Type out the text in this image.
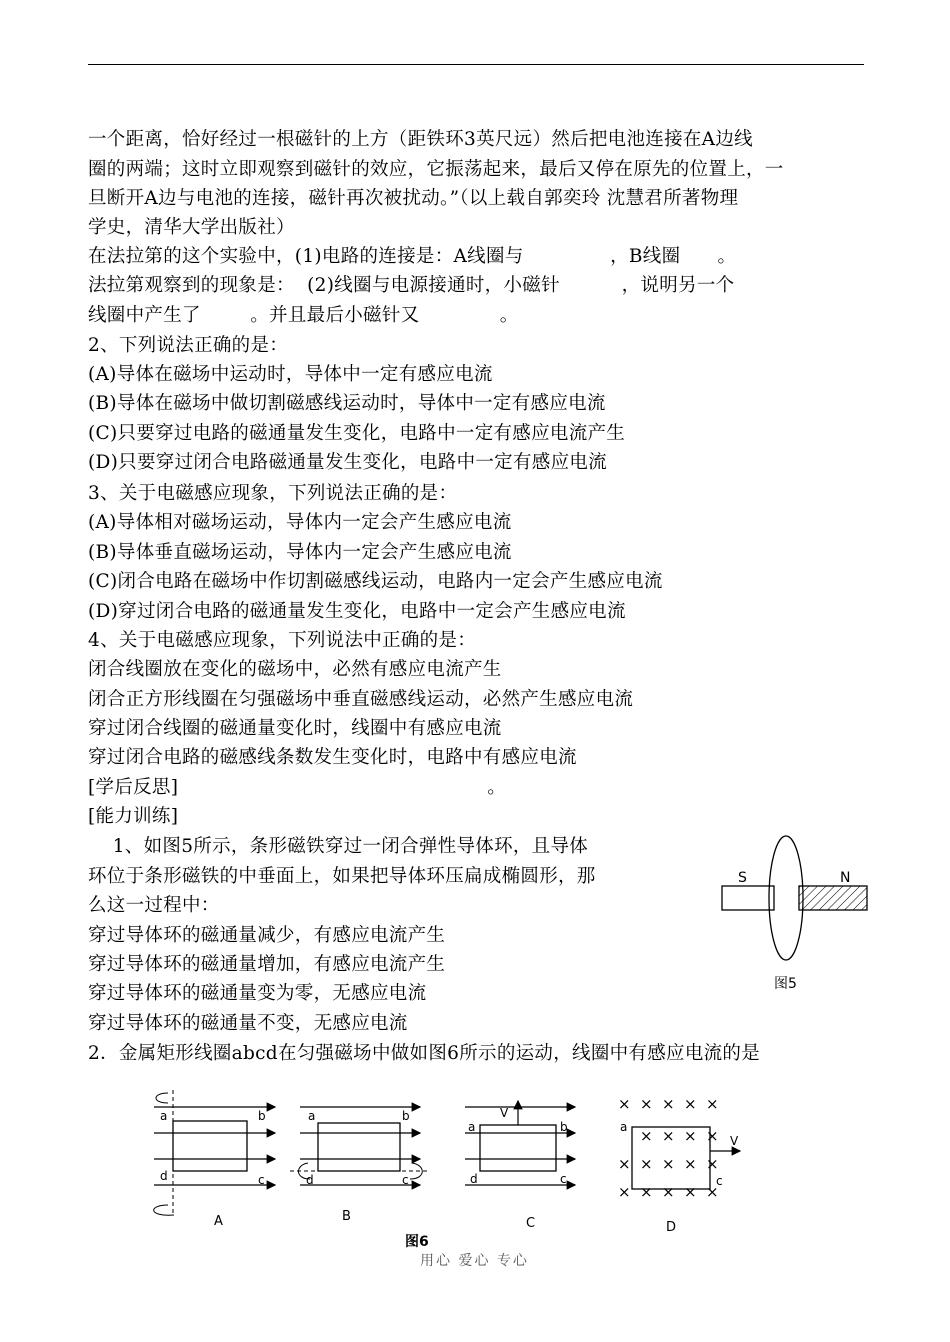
一个距离，恰好经过一根磁针的上方（距铁环3英尺远）然后把电池连接在A边线
圈的两端；这时立即观察到磁针的效应，它振荡起来，最后又停在原先的位置上，一
旦断开A边与电池的连接，磁针再次被扰动。”（以上载自郭奕玲 沈慧君所著物理
学史，清华大学出版社）
在法拉第的这个实验中，(1)电路的连接是：A线圈与              ，B线圈      。
法拉第观察到的现象是：  (2)线圈与电源接通时，小磁针          ，说明另一个
线圈中产生了        。并且最后小磁针又             。
2、下列说法正确的是：
(A)导体在磁场中运动时，导体中一定有感应电流
(B)导体在磁场中做切割磁感线运动时，导体中一定有感应电流
(C)只要穿过电路的磁通量发生变化，电路中一定有感应电流产生
(D)只要穿过闭合电路磁通量发生变化，电路中一定有感应电流
3、关于电磁感应现象，下列说法正确的是：
(A)导体相对磁场运动，导体内一定会产生感应电流
(B)导体垂直磁场运动，导体内一定会产生感应电流
(C)闭合电路在磁场中作切割磁感线运动，电路内一定会产生感应电流
(D)穿过闭合电路的磁通量发生变化，电路中一定会产生感应电流
4、关于电磁感应现象，下列说法中正确的是：
闭合线圈放在变化的磁场中，必然有感应电流产生
闭合正方形线圈在匀强磁场中垂直磁感线运动，必然产生感应电流
穿过闭合线圈的磁通量变化时，线圈中有感应电流
穿过闭合电路的磁感线条数发生变化时，电路中有感应电流
[学后反思]                                                  。
[能力训练]
1、如图5所示，条形磁铁穿过一闭合弹性导体环，且导体
环位于条形磁铁的中垂面上，如果把导体环压扁成椭圆形，那
么这一过程中：
穿过导体环的磁通量减少，有感应电流产生
穿过导体环的磁通量增加，有感应电流产生
穿过导体环的磁通量变为零，无感应电流
穿过导体环的磁通量不变，无感应电流
2．金属矩形线圈abcd在匀强磁场中做如图6所示的运动，线圈中有感应电流的是
S	N
图5
a	b
d	c
A
a	b
d	c
B
V
a	b
d	c
C
× × × × ×
× × × ×
× × × × ×
× × × × ×
V
a
c
D
图6
用心 爱心 专心
